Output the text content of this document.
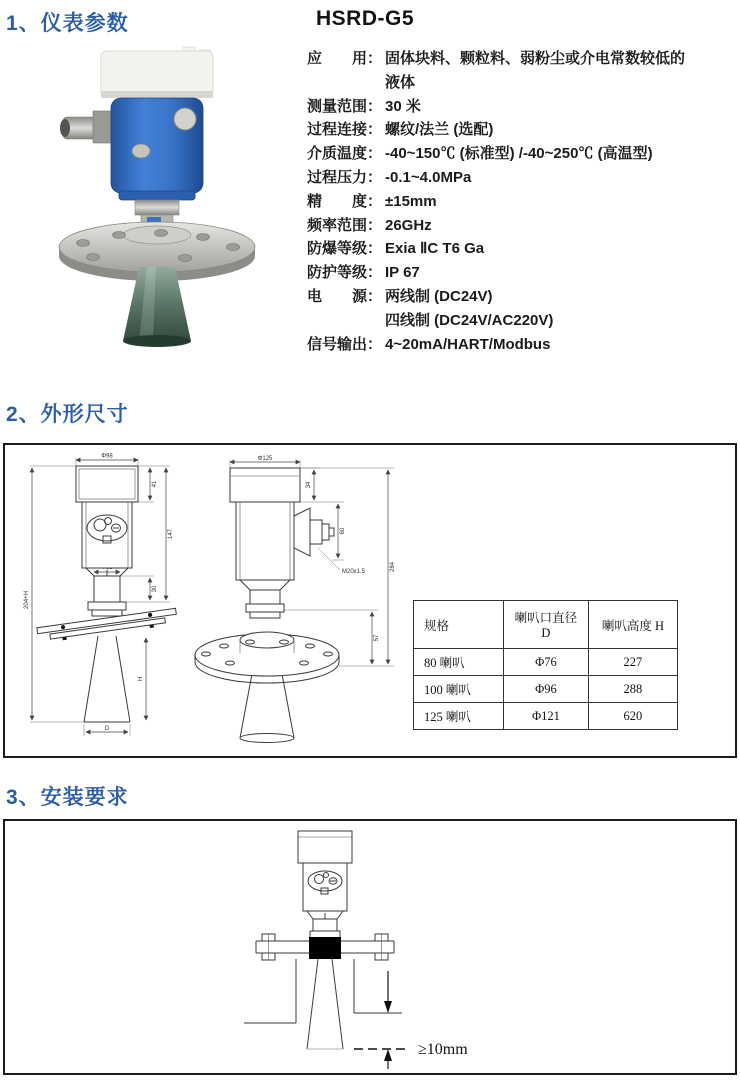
1、仪表参数	HSRD-G5
应　　用： 固体块料、颗粒料、弱粉尘或介电常数较低的
液体
测量范围： 30 米
过程连接： 螺纹/法兰 (选配)
介质温度： -40~150℃ (标准型) /-40~250℃ (高温型)
过程压力： -0.1~4.0MPa
精　　度： ±15mm
频率范围： 26GHz
防爆等级： Exia ⅡC T6 Ga
防护等级： IP 67
电　　源： 两线制 (DC24V)
四线制 (DC24V/AC220V)
信号输出： 4~20mA/HART/Modbus
2、外形尺寸
204+H
Φ98
41
147
30
H
D
Φ125
34
60
284
57
M20x1.5
规格	喇叭口直径 D	喇叭高度 H
80 喇叭	Φ76	227
100 喇叭	Φ96	288
125 喇叭	Φ121	620
3、安装要求
≥10mm
